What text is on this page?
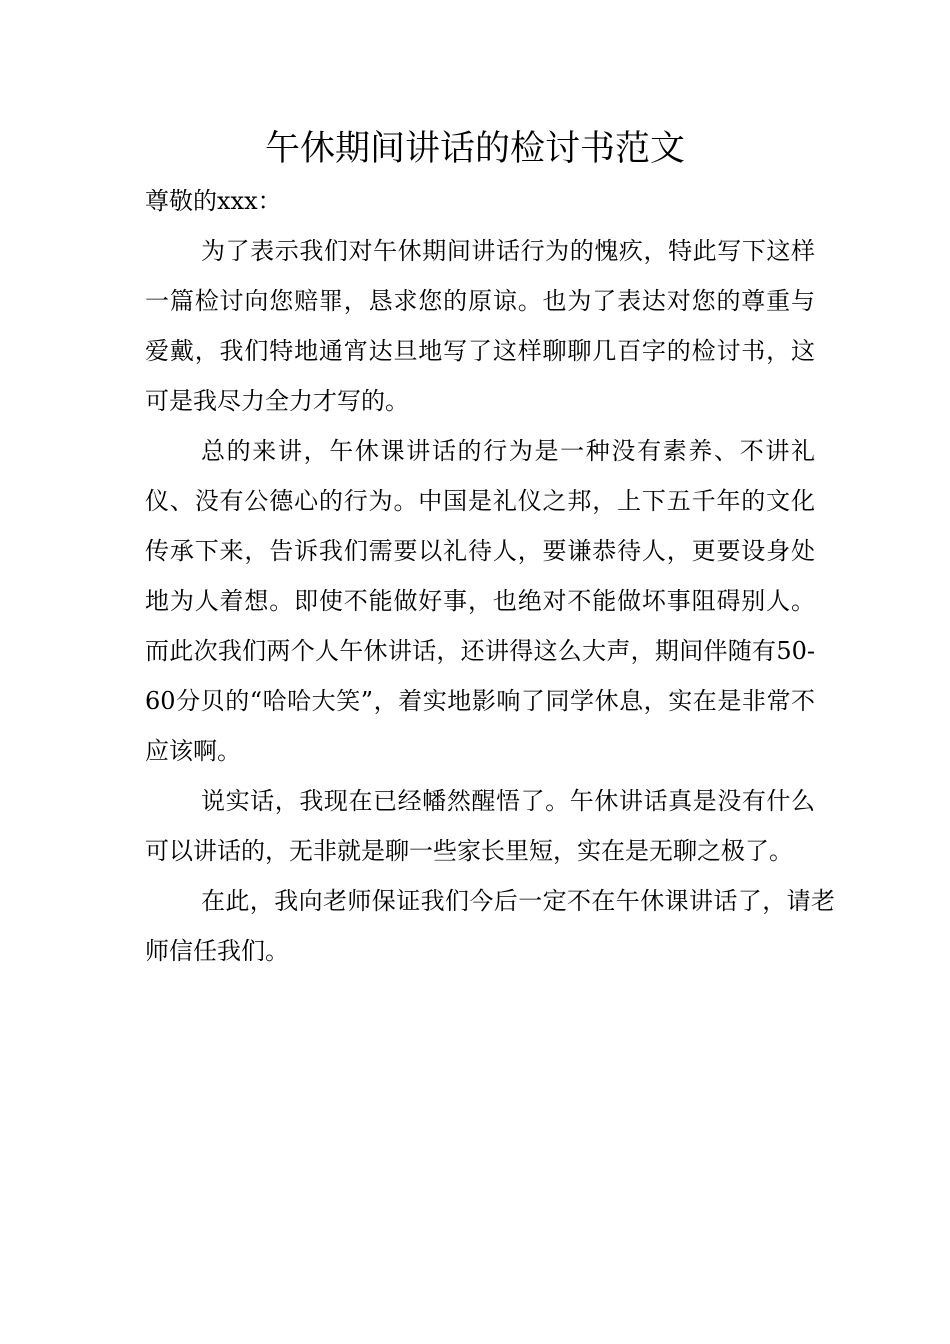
午休期间讲话的检讨书范文

尊敬的xxx：

为了表示我们对午休期间讲话行为的愧疚，特此写下这样一篇检讨向您赔罪，恳求您的原谅。也为了表达对您的尊重与爱戴，我们特地通宵达旦地写了这样聊聊几百字的检讨书，这可是我尽力全力才写的。

总的来讲，午休课讲话的行为是一种没有素养、不讲礼仪、没有公德心的行为。中国是礼仪之邦，上下五千年的文化传承下来，告诉我们需要以礼待人，要谦恭待人，更要设身处地为人着想。即使不能做好事，也绝对不能做坏事阻碍别人。而此次我们两个人午休讲话，还讲得这么大声，期间伴随有50-60分贝的“哈哈大笑”，着实地影响了同学休息，实在是非常不应该啊。

说实话，我现在已经幡然醒悟了。午休讲话真是没有什么可以讲话的，无非就是聊一些家长里短，实在是无聊之极了。

在此，我向老师保证我们今后一定不在午休课讲话了，请老师信任我们。
